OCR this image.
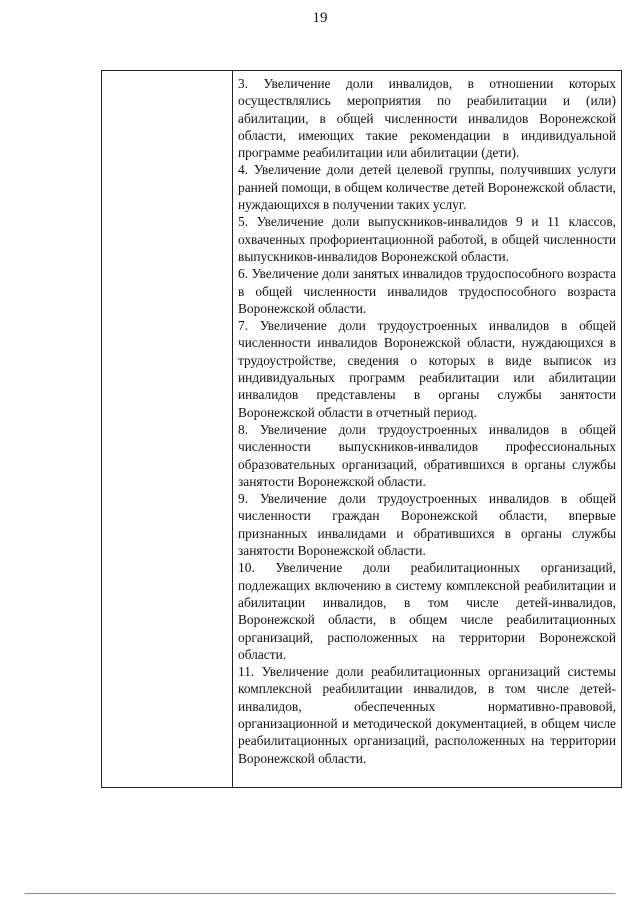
19

3. Увеличение доли инвалидов, в отношении которых осуществлялись мероприятия по реабилитации и (или) абилитации, в общей численности инвалидов Воронежской области, имеющих такие рекомендации в индивидуальной программе реабилитации или абилитации (дети).

4. Увеличение доли детей целевой группы, получивших услуги ранней помощи, в общем количестве детей Воронежской области, нуждающихся в получении таких услуг.

5. Увеличение доли выпускников-инвалидов 9 и 11 классов, охваченных профориентационной работой, в общей численности выпускников-инвалидов Воронежской области.

6. Увеличение доли занятых инвалидов трудоспособного возраста в общей численности инвалидов трудоспособного возраста Воронежской области.

7. Увеличение доли трудоустроенных инвалидов в общей численности инвалидов Воронежской области, нуждающихся в трудоустройстве, сведения о которых в виде выписок из индивидуальных программ реабилитации или абилитации инвалидов представлены в органы службы занятости Воронежской области в отчетный период.

8. Увеличение доли трудоустроенных инвалидов в общей численности выпускников-инвалидов профессиональных образовательных организаций, обратившихся в органы службы занятости Воронежской области.

9. Увеличение доли трудоустроенных инвалидов в общей численности граждан Воронежской области, впервые признанных инвалидами и обратившихся в органы службы занятости Воронежской области.

10. Увеличение доли реабилитационных организаций, подлежащих включению в систему комплексной реабилитации и абилитации инвалидов, в том числе детей-инвалидов, Воронежской области, в общем числе реабилитационных организаций, расположенных на территории Воронежской области.

11. Увеличение доли реабилитационных организаций системы комплексной реабилитации инвалидов, в том числе детей-инвалидов, обеспеченных нормативно-правовой, организационной и методической документацией, в общем числе реабилитационных организаций, расположенных на территории Воронежской области.
